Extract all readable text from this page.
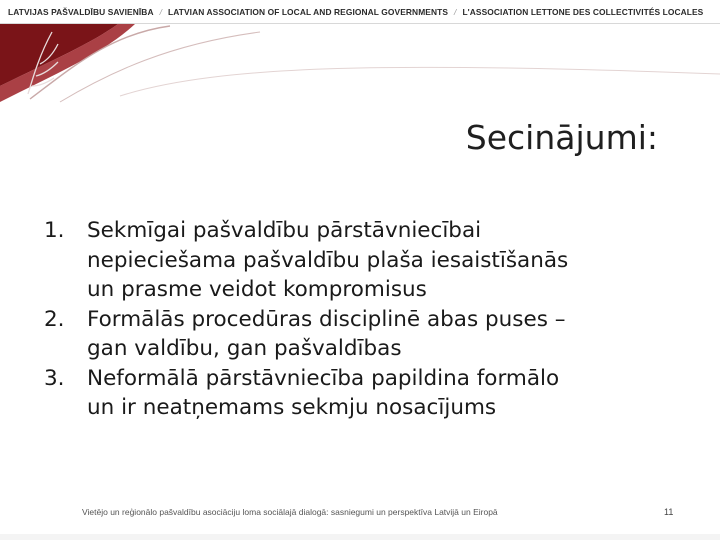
LATVIJAS PAŠVALDĪBU SAVIENĪBA / LATVIAN ASSOCIATION OF LOCAL AND REGIONAL GOVERNMENTS / L'ASSOCIATION LETTONE DES COLLECTIVITÉS LOCALES
Secinājumi:
1.	Sekmīgai pašvaldību pārstāvniecībai
nepieciešama pašvaldību plaša iesaistīšanās
un prasme veidot kompromisus
2.	Formālās procedūras disciplinē abas puses –
gan valdību, gan pašvaldības
3.	Neformālā pārstāvniecība papildina formālo
un ir neatņemams sekmju nosacījums
Vietējo un reģionālo pašvaldību asociāciju loma sociālajā dialogā: sasniegumi un perspektīva Latvijā un Eiropā	11
